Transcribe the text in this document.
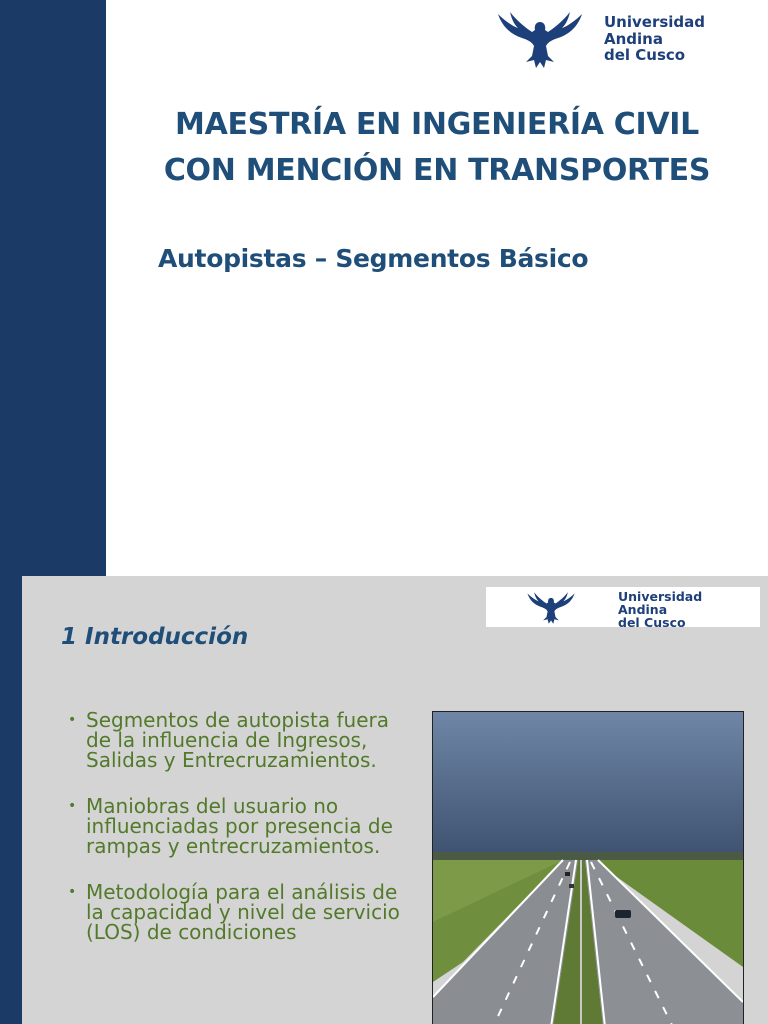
Universidad
Andina
del Cusco
MAESTRÍA EN INGENIERÍA CIVIL
CON MENCIÓN EN TRANSPORTES
Autopistas – Segmentos Básico
Universidad
Andina
del Cusco
1 Introducción
• Segmentos de autopista fuera de la influencia de Ingresos, Salidas y Entrecruzamientos.
• Maniobras del usuario no influenciadas por presencia de rampas y entrecruzamientos.
• Metodología para el análisis de la capacidad y nivel de servicio (LOS) de condiciones
